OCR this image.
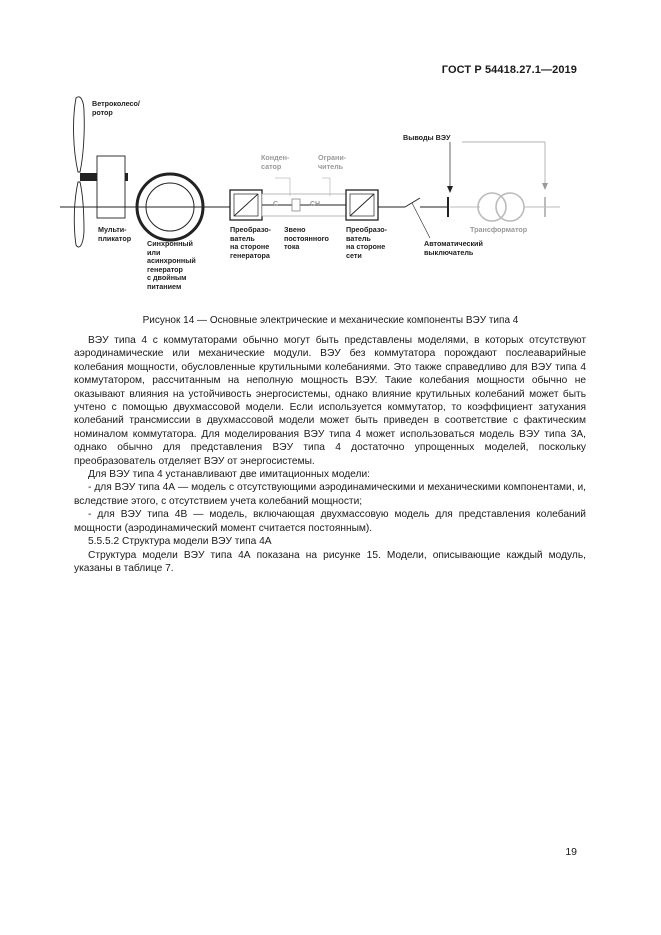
ГОСТ Р 54418.27.1—2019
Ветроколесо/
ротор
Мульти-
пликатор
Синхронный
или
асинхронный
генератор
с двойным
питанием
Преобразо-
ватель
на стороне
генератора
Конден-
сатор
Ограни-
читель
C	CH
Звено
постоянного
тока
Преобразо-
ватель
на стороне
сети
Выводы ВЭУ
Автоматический
выключатель
Трансформатор
Рисунок 14 — Основные электрические и механические компоненты ВЭУ типа 4

ВЭУ типа 4 с коммутаторами обычно могут быть представлены моделями, в которых отсутствуют аэродинамические или механические модули. ВЭУ без коммутатора порождают послеаварийные колебания мощности, обусловленные крутильными колебаниями. Это также справедливо для ВЭУ типа 4 коммутатором, рассчитанным на неполную мощность ВЭУ. Такие колебания мощности обычно не оказывают влияния на устойчивость энергосистемы, однако влияние крутильных колебаний может быть учтено с помощью двухмассовой модели. Если используется коммутатор, то коэффициент затухания колебаний трансмиссии в двухмассовой модели может быть приведен в соответствие с фактическим номиналом коммутатора. Для моделирования ВЭУ типа 4 может использоваться модель ВЭУ типа 3А, однако обычно для представления ВЭУ типа 4 достаточно упрощенных моделей, поскольку преобразователь отделяет ВЭУ от энергосистемы.

Для ВЭУ типа 4 устанавливают две имитационных модели:

- для ВЭУ типа 4А — модель с отсутствующими аэродинамическими и механическими компонентами, и, вследствие этого, с отсутствием учета колебаний мощности;

- для ВЭУ типа 4В — модель, включающая двухмассовую модель для представления колебаний мощности (аэродинамический момент считается постоянным).

5.5.5.2 Структура модели ВЭУ типа 4А

Структура модели ВЭУ типа 4А показана на рисунке 15. Модели, описывающие каждый модуль, указаны в таблице 7.

19
